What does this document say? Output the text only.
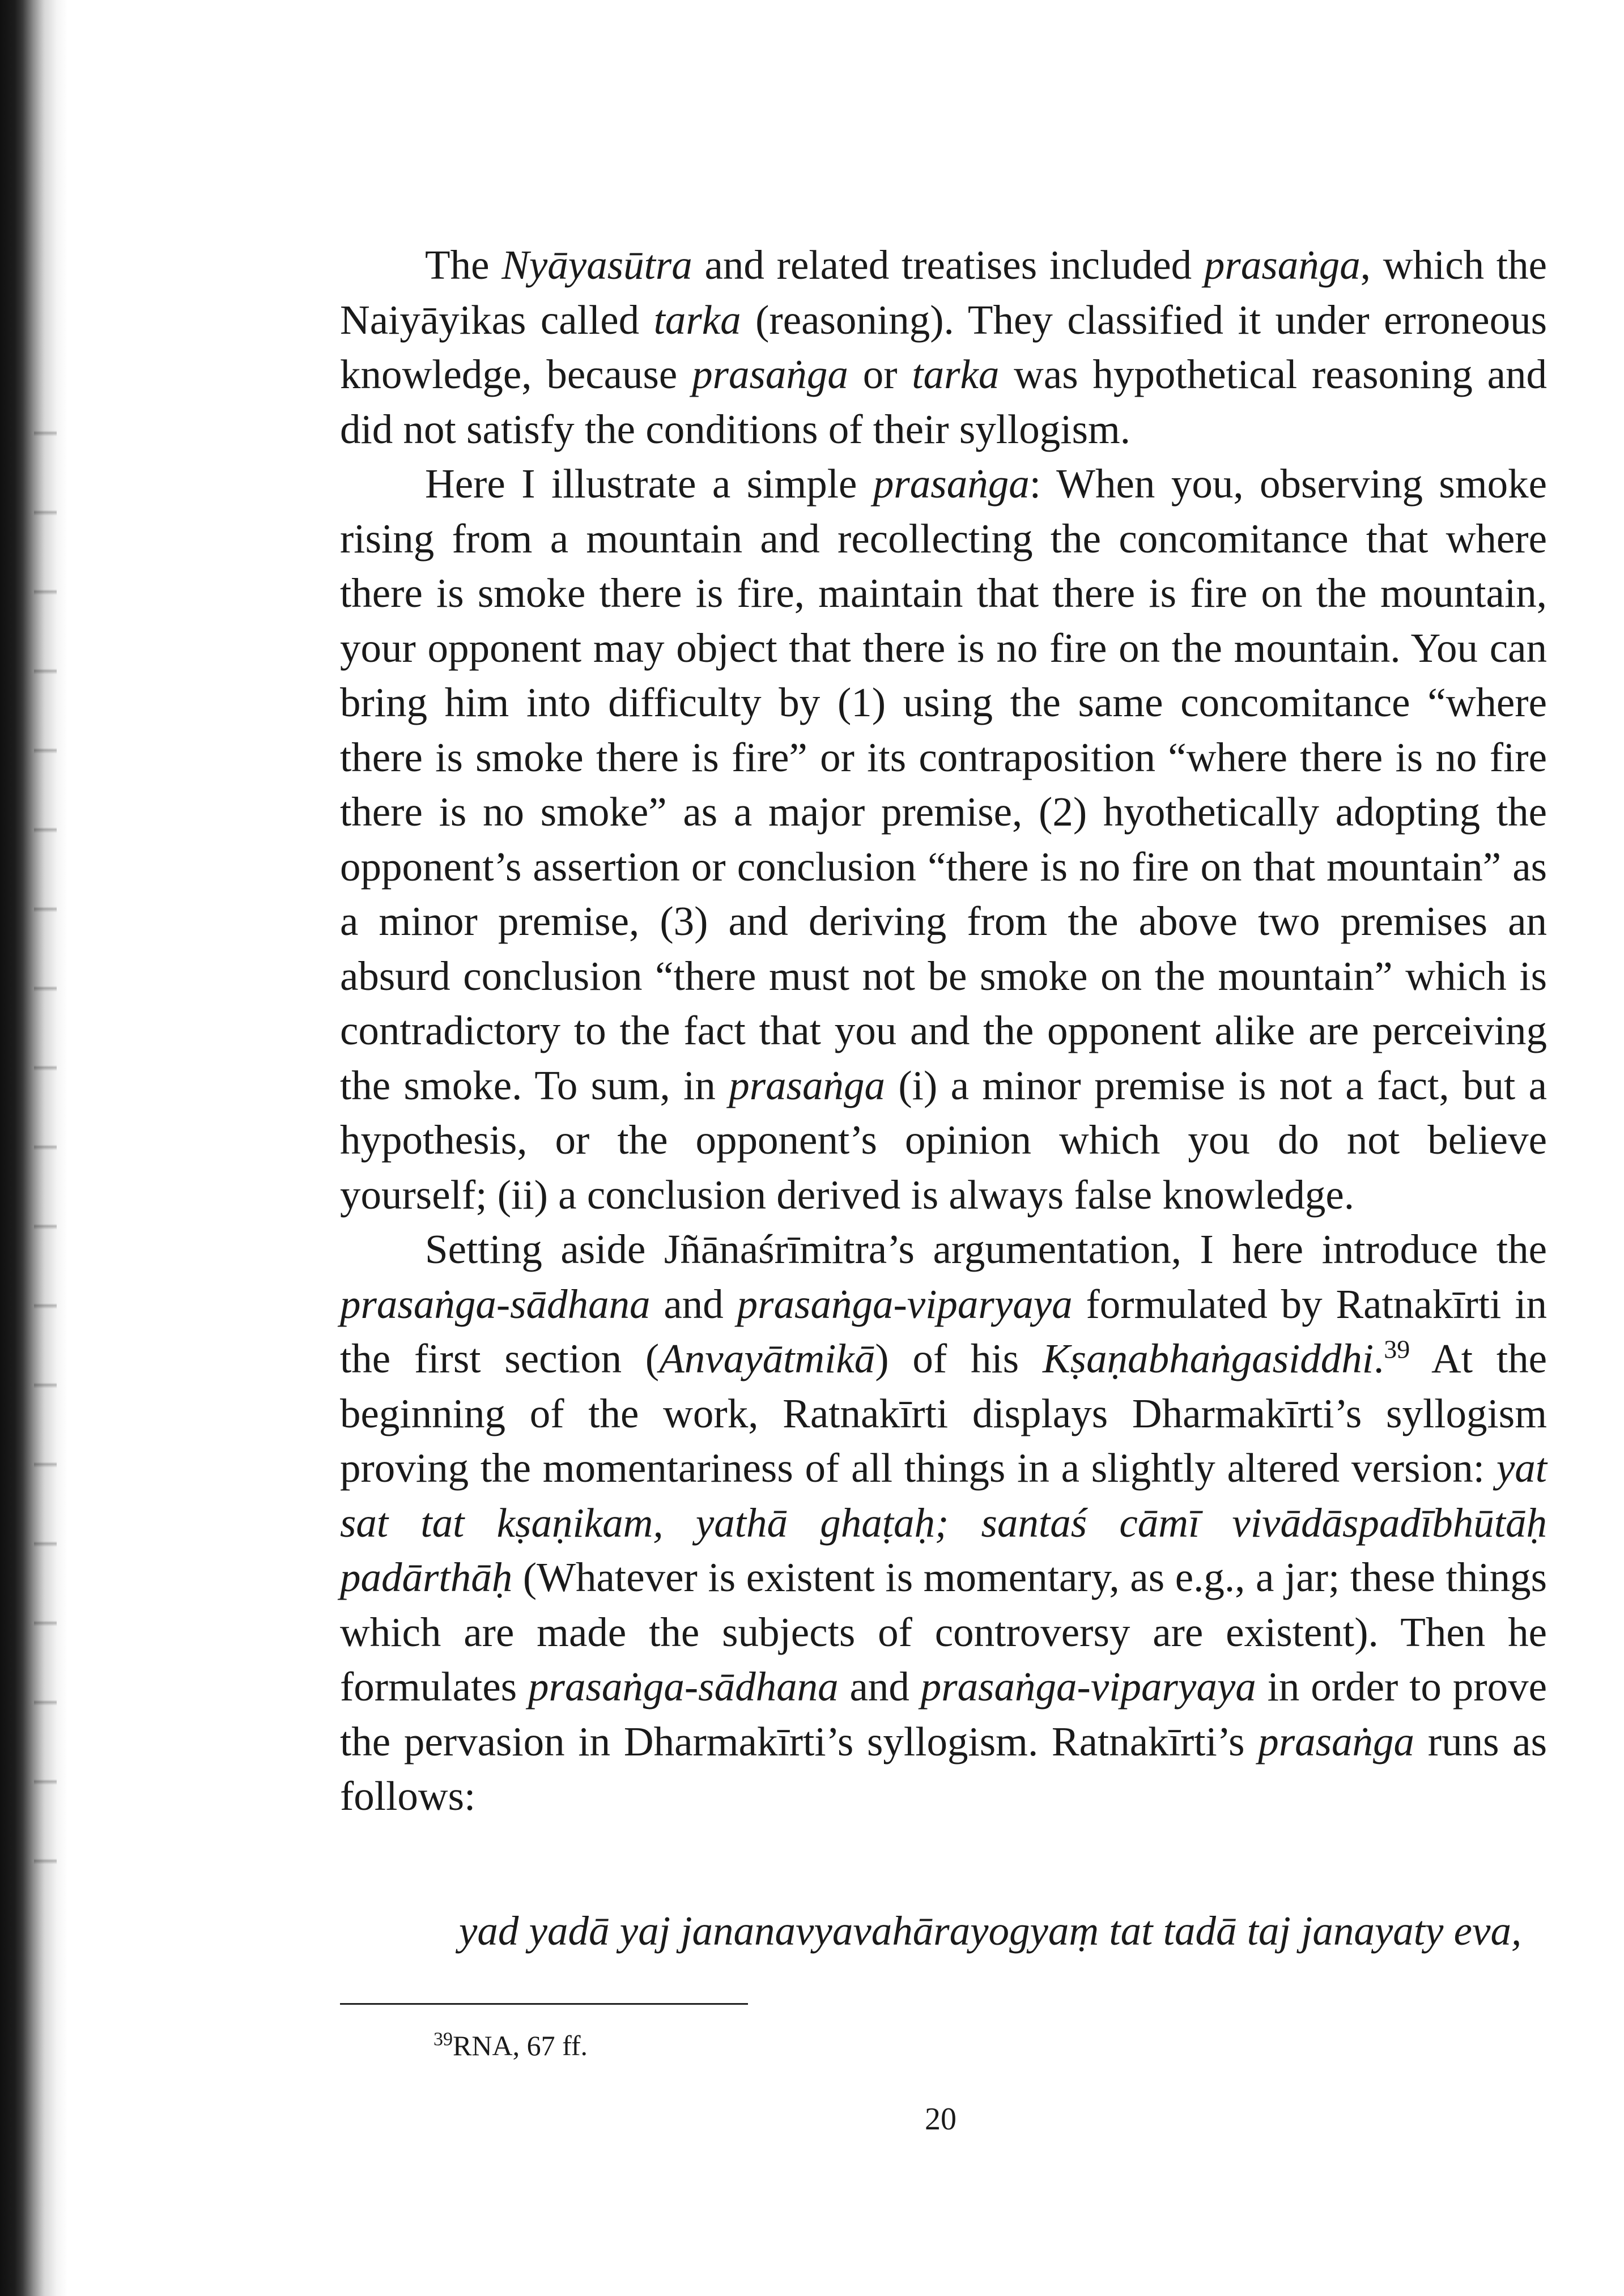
The Nyāyasūtra and related treatises included prasaṅga, which the Naiyāyikas called tarka (reasoning). They classified it under erroneous knowledge, because prasaṅga or tarka was hypothetical reasoning and did not satisfy the conditions of their syllogism.

Here I illustrate a simple prasaṅga: When you, observing smoke rising from a mountain and recollecting the concomitance that where there is smoke there is fire, maintain that there is fire on the mountain, your opponent may object that there is no fire on the mountain. You can bring him into difficulty by (1) using the same concomitance “where there is smoke there is fire” or its contraposition “where there is no fire there is no smoke” as a major premise, (2) hyothetically adopting the opponent’s assertion or conclusion “there is no fire on that mountain” as a minor premise, (3) and deriving from the above two premises an absurd conclusion “there must not be smoke on the mountain” which is contradictory to the fact that you and the opponent alike are perceiving the smoke. To sum, in prasaṅga (i) a minor premise is not a fact, but a hypothesis, or the opponent’s opinion which you do not believe yourself; (ii) a conclusion derived is always false knowledge.

Setting aside Jñānaśrīmitra’s argumentation, I here introduce the prasaṅga-sādhana and prasaṅga-viparyaya formulated by Ratnakīrti in the first section (Anvayātmikā) of his Kṣaṇabhaṅgasiddhi.$^{39}$ At the beginning of the work, Ratnakīrti displays Dharmakīrti’s syllogism proving the momentariness of all things in a slightly altered version: yat sat tat kṣaṇikam, yathā ghaṭaḥ; santaś cāmī vivādāspadībhūtāḥ padārthāḥ (Whatever is existent is momentary, as e.g., a jar; these things which are made the subjects of controversy are existent). Then he formulates prasaṅga-sādhana and prasaṅga-viparyaya in order to prove the pervasion in Dharmakīrti’s syllogism. Ratnakīrti’s prasaṅga runs as follows:

yad yadā yaj jananavyavahārayogyaṃ tat tadā taj janayaty eva,
$^{39}$RNA, 67 ff.
20
